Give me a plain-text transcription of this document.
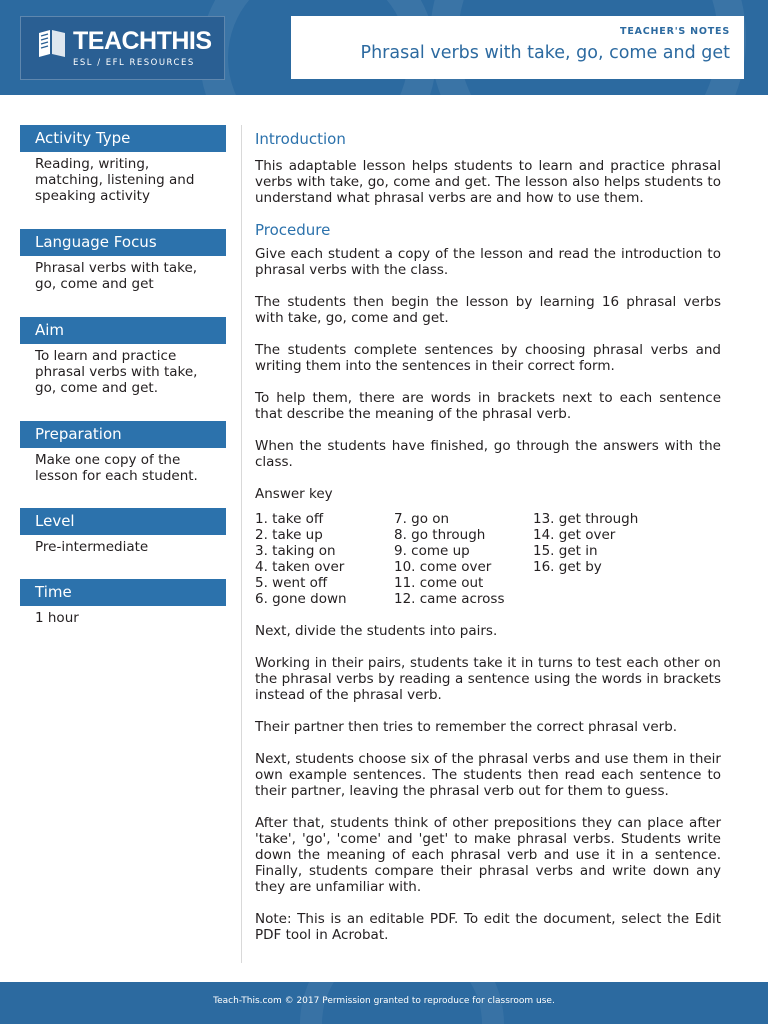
TEACHTHIS
ESL / EFL RESOURCES
TEACHER'S NOTES
Phrasal verbs with take, go, come and get
Activity Type
Reading, writing, matching, listening and speaking activity
Language Focus
Phrasal verbs with take, go, come and get
Aim
To learn and practice phrasal verbs with take, go, come and get.
Preparation
Make one copy of the lesson for each student.
Level
Pre-intermediate
Time
1 hour
Introduction

This adaptable lesson helps students to learn and practice phrasal verbs with take, go, come and get. The lesson also helps students to understand what phrasal verbs are and how to use them.

Procedure

Give each student a copy of the lesson and read the introduction to phrasal verbs with the class.

The students then begin the lesson by learning 16 phrasal verbs with take, go, come and get.

The students complete sentences by choosing phrasal verbs and writing them into the sentences in their correct form.

To help them, there are words in brackets next to each sentence that describe the meaning of the phrasal verb.

When the students have finished, go through the answers with the class.

Answer key

1. take off
2. take up
3. taking on
4. taken over
5. went off
6. gone down
7. go on
8. go through
9. come up
10. come over
11. come out
12. came across
13. get through
14. get over
15. get in
16. get by

Next, divide the students into pairs.

Working in their pairs, students take it in turns to test each other on the phrasal verbs by reading a sentence using the words in brackets instead of the phrasal verb.

Their partner then tries to remember the correct phrasal verb.

Next, students choose six of the phrasal verbs and use them in their own example sentences. The students then read each sentence to their partner, leaving the phrasal verb out for them to guess.

After that, students think of other prepositions they can place after 'take', 'go', 'come' and 'get' to make phrasal verbs. Students write down the meaning of each phrasal verb and use it in a sentence. Finally, students compare their phrasal verbs and write down any they are unfamiliar with.

Note: This is an editable PDF. To edit the document, select the Edit PDF tool in Acrobat.

Teach-This.com © 2017 Permission granted to reproduce for classroom use.
